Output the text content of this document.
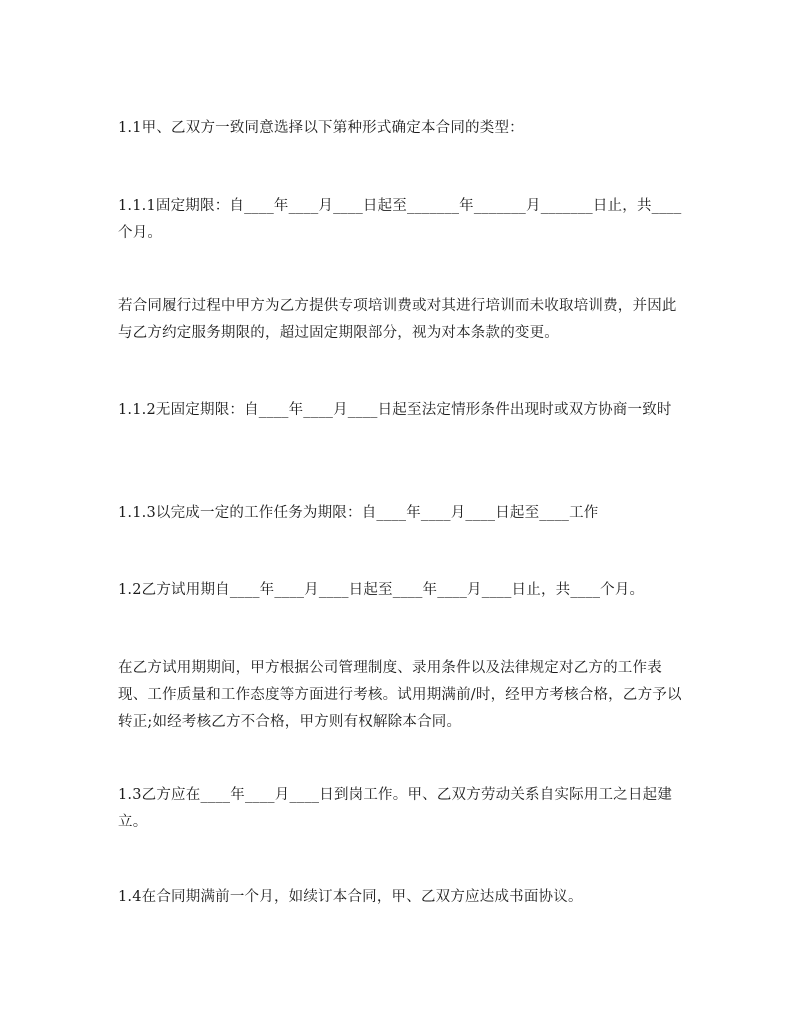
1.1甲、乙双方一致同意选择以下第种形式确定本合同的类型：

1.1.1固定期限：自____年____月____日起至_______年_______月_______日止，共____个月。

若合同履行过程中甲方为乙方提供专项培训费或对其进行培训而未收取培训费，并因此与乙方约定服务期限的，超过固定期限部分，视为对本条款的变更。

1.1.2无固定期限：自____年____月____日起至法定情形条件出现时或双方协商一致时

1.1.3以完成一定的工作任务为期限：自____年____月____日起至____工作

1.2乙方试用期自____年____月____日起至____年____月____日止，共____个月。

在乙方试用期期间，甲方根据公司管理制度、录用条件以及法律规定对乙方的工作表现、工作质量和工作态度等方面进行考核。试用期满前/时，经甲方考核合格，乙方予以转正;如经考核乙方不合格，甲方则有权解除本合同。

1.3乙方应在____年____月____日到岗工作。甲、乙双方劳动关系自实际用工之日起建立。

1.4在合同期满前一个月，如续订本合同，甲、乙双方应达成书面协议。
